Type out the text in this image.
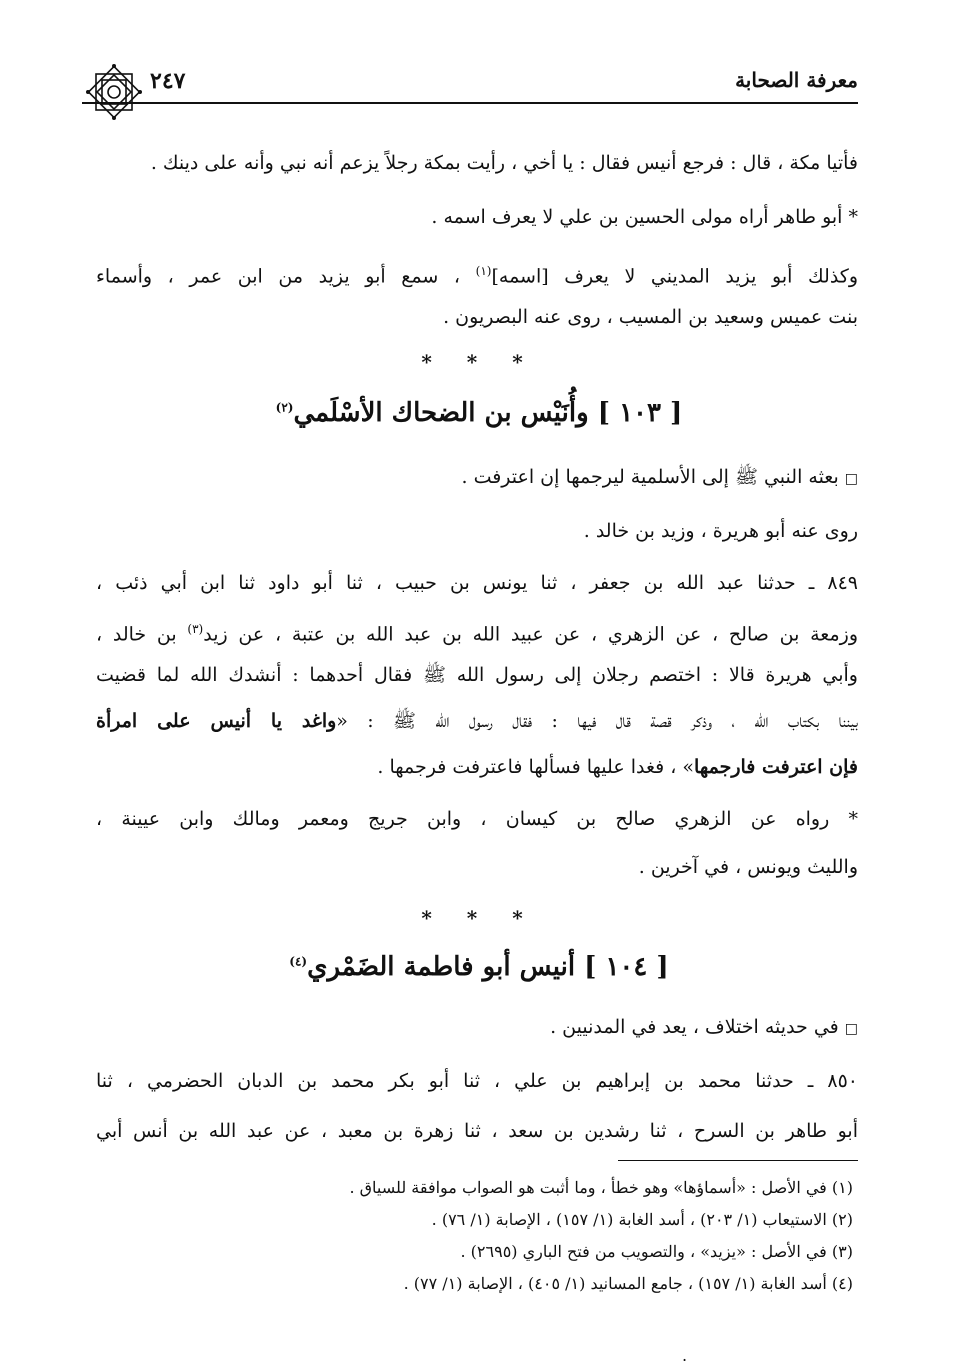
معرفة الصحابة
٢٤٧
فأتيا مكة ، قال : فرجع أنيس فقال : يا أخي ، رأيت بمكة رجلاً يزعم أنه نبي وأنه على دينك .
* أبو طاهر أراه مولى الحسين بن علي لا يعرف اسمه .
وكذلك أبو يزيد المديني لا يعرف [اسمه]$^{(١)}$ ، سمع أبو يزيد من ابن عمر ، وأسماء
بنت عميس وسعيد بن المسيب ، روى عنه البصريون .
* * *
[ ١٠٣ ] وأُنَيْس بن الضحاك الأسْلَمي$^{(٢)}$
□بعثه النبي ﷺ إلى الأسلمية ليرجمها إن اعترفت .
روى عنه أبو هريرة ، وزيد بن خالد .
٨٤٩ ـ حدثنا عبد الله بن جعفر ، ثنا يونس بن حبيب ، ثنا أبو داود ثنا ابن أبي ذئب ،
وزمعة بن صالح ، عن الزهري ، عن عبيد الله بن عبد الله بن عتبة ، عن زيد$^{(٣)}$ بن خالد ،
وأبي هريرة قالا : اختصم رجلان إلى رسول الله ﷺ فقال أحدهما : أنشدك الله لما قضيت
بيننا بكتاب الله ، وذكر قصة قال فيها : فقال رسول الله ﷺ : «واغد يا أنيس على امرأة
فإن اعترفت فارجمها» ، فغدا عليها فسألها فاعترفت فرجمها .
* رواه عن الزهري صالح بن كيسان ، وابن جريج ومعمر ومالك وابن عيينة ،
والليث ويونس ، في آخرين .
* * *
[ ١٠٤ ] أنيس أبو فاطمة الضَمْري$^{(٤)}$
□في حديثه اختلاف ، يعد في المدنيين .
٨٥٠ ـ حدثنا محمد بن إبراهيم بن علي ، ثنا أبو بكر محمد بن الدبان الحضرمي ، ثنا
أبو طاهر بن السرح ، ثنا رشدين بن سعد ، ثنا زهرة بن معبد ، عن عبد الله بن أنس أبي
(١) في الأصل : «أسماؤها» وهو خطأ ، وما أثبت هو الصواب موافقة للسياق .
(٢) الاستيعاب (١/ ٢٠٣) ، أسد الغابة (١/ ١٥٧) ، الإصابة (١/ ٧٦) .
(٣) في الأصل : «يزيد» ، والتصويب من فتح الباري (٢٦٩٥) .
(٤) أسد الغابة (١/ ١٥٧) ، جامع المسانيد (١/ ٤٠٥) ، الإصابة (١/ ٧٧) .
.
